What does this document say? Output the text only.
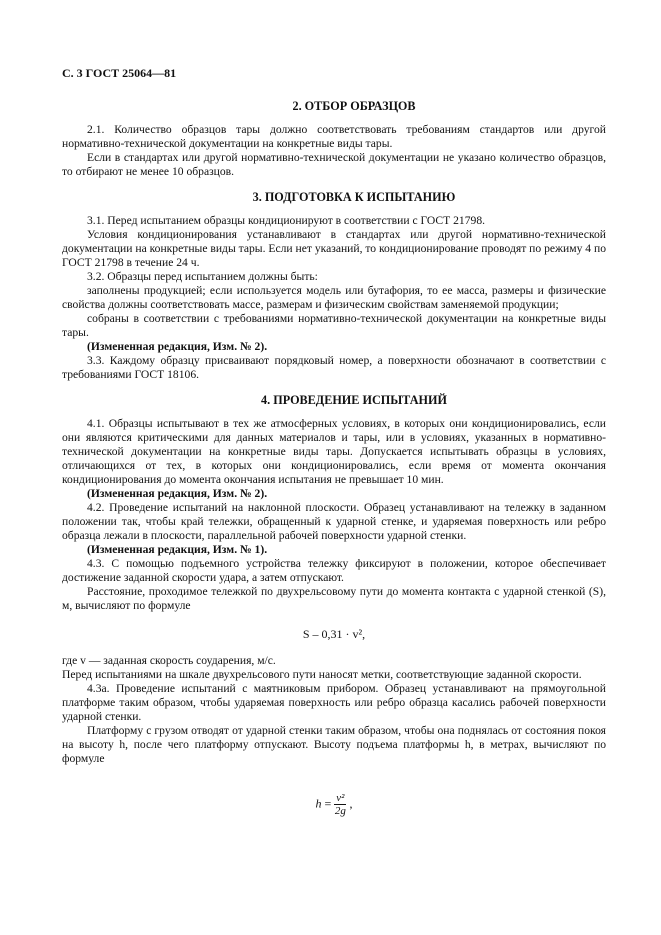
С. 3 ГОСТ 25064—81
2. ОТБОР ОБРАЗЦОВ

2.1. Количество образцов тары должно соответствовать требованиям стандартов или другой нормативно-технической документации на конкретные виды тары.

Если в стандартах или другой нормативно-технической документации не указано количество образцов, то отбирают не менее 10 образцов.

3. ПОДГОТОВКА К ИСПЫТАНИЮ

3.1. Перед испытанием образцы кондиционируют в соответствии с ГОСТ 21798.

Условия кондиционирования устанавливают в стандартах или другой нормативно-технической документации на конкретные виды тары. Если нет указаний, то кондиционирование проводят по режиму 4 по ГОСТ 21798 в течение 24 ч.

3.2. Образцы перед испытанием должны быть:

заполнены продукцией; если используется модель или бутафория, то ее масса, размеры и физические свойства должны соответствовать массе, размерам и физическим свойствам заменяемой продукции;

собраны в соответствии с требованиями нормативно-технической документации на конкретные виды тары.

(Измененная редакция, Изм. № 2).

3.3. Каждому образцу присваивают порядковый номер, а поверхности обозначают в соответствии с требованиями ГОСТ 18106.

4. ПРОВЕДЕНИЕ ИСПЫТАНИЙ

4.1. Образцы испытывают в тех же атмосферных условиях, в которых они кондиционировались, если они являются критическими для данных материалов и тары, или в условиях, указанных в нормативно-технической документации на конкретные виды тары. Допускается испытывать образцы в условиях, отличающихся от тех, в которых они кондиционировались, если время от момента окончания кондиционирования до момента окончания испытания не превышает 10 мин.

(Измененная редакция, Изм. № 2).

4.2. Проведение испытаний на наклонной плоскости. Образец устанавливают на тележку в заданном положении так, чтобы край тележки, обращенный к ударной стенке, и ударяемая поверхность или ребро образца лежали в плоскости, параллельной рабочей поверхности ударной стенки.

(Измененная редакция, Изм. № 1).

4.3. С помощью подъемного устройства тележку фиксируют в положении, которое обеспечивает достижение заданной скорости удара, а затем отпускают.

Расстояние, проходимое тележкой по двухрельсовому пути до момента контакта с ударной стенкой (S), м, вычисляют по формуле

S – 0,31 · v²,

где v — заданная скорость соударения, м/с.

Перед испытаниями на шкале двухрельсового пути наносят метки, соответствующие заданной скорости.

4.3а. Проведение испытаний с маятниковым прибором. Образец устанавливают на прямоугольной платформе таким образом, чтобы ударяемая поверхность или ребро образца касались рабочей поверхности ударной стенки.

Платформу с грузом отводят от ударной стенки таким образом, чтобы она поднялась от состояния покоя на высоту h, после чего платформу отпускают. Высоту подъема платформы h, в метрах, вычисляют по формуле

$h = \frac{\text{v²}}{2g}$ ,
